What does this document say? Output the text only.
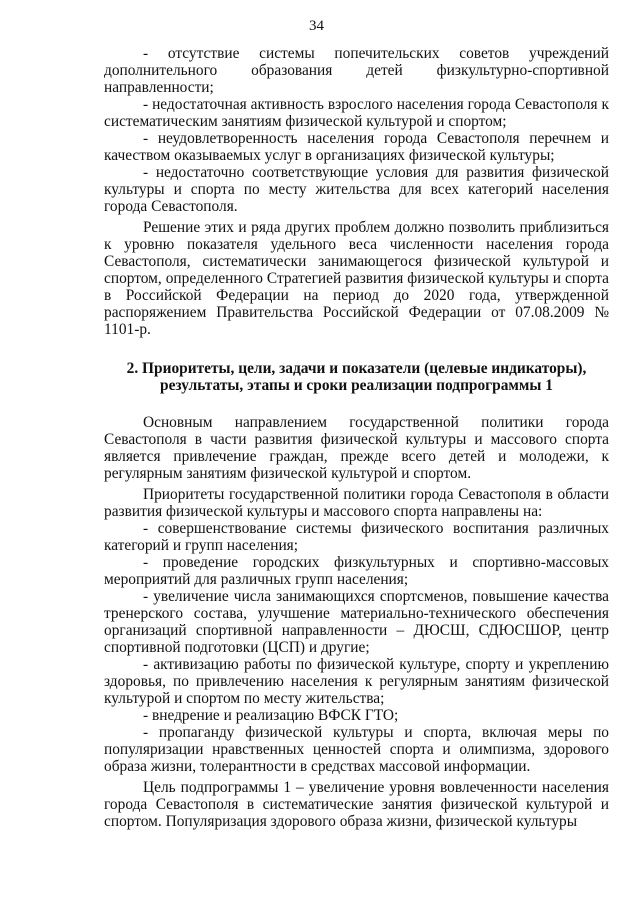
34

- отсутствие системы попечительских советов учреждений дополнительного образования детей физкультурно-спортивной направленности;

- недостаточная активность взрослого населения города Севастополя к систематическим занятиям физической культурой и спортом;

- неудовлетворенность населения города Севастополя перечнем и качеством оказываемых услуг в организациях физической культуры;

- недостаточно соответствующие условия для развития физической культуры и спорта по месту жительства для всех категорий населения города Севастополя.

Решение этих и ряда других проблем должно позволить приблизиться к уровню показателя удельного веса численности населения города Севастополя, систематически занимающегося физической культурой и спортом, определенного Стратегией развития физической культуры и спорта в Российской Федерации на период до 2020 года, утвержденной распоряжением Правительства Российской Федерации от 07.08.2009 № 1101-р.

2. Приоритеты, цели, задачи и показатели (целевые индикаторы),
результаты, этапы и сроки реализации подпрограммы 1

Основным направлением государственной политики города Севастополя в части развития физической культуры и массового спорта является привлечение граждан, прежде всего детей и молодежи, к регулярным занятиям физической культурой и спортом.

Приоритеты государственной политики города Севастополя в области развития физической культуры и массового спорта направлены на:

- совершенствование системы физического воспитания различных категорий и групп населения;

- проведение городских физкультурных и спортивно-массовых мероприятий для различных групп населения;

- увеличение числа занимающихся спортсменов, повышение качества тренерского состава, улучшение материально-технического обеспечения организаций спортивной направленности – ДЮСШ, СДЮСШОР, центр спортивной подготовки (ЦСП) и другие;

- активизацию работы по физической культуре, спорту и укреплению здоровья, по привлечению населения к регулярным занятиям физической культурой и спортом по месту жительства;

- внедрение и реализацию ВФСК ГТО;

- пропаганду физической культуры и спорта, включая меры по популяризации нравственных ценностей спорта и олимпизма, здорового образа жизни, толерантности в средствах массовой информации.

Цель подпрограммы 1 – увеличение уровня вовлеченности населения города Севастополя в систематические занятия физической культурой и спортом. Популяризация здорового образа жизни, физической культуры
